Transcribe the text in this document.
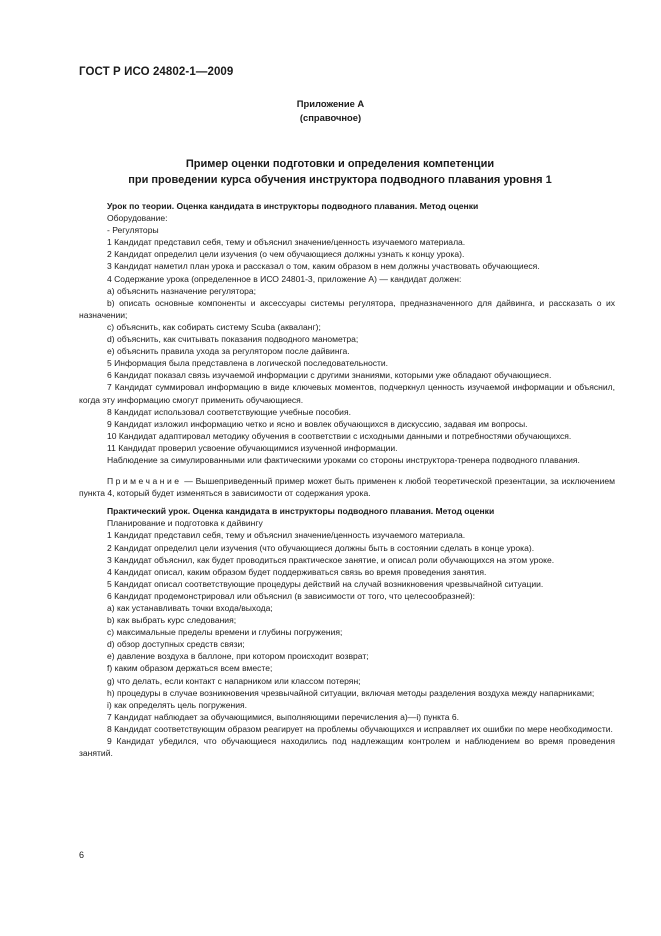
ГОСТ Р ИСО 24802-1—2009
Приложение А
(справочное)
Пример оценки подготовки и определения компетенции
при проведении курса обучения инструктора подводного плавания уровня 1

Урок по теории. Оценка кандидата в инструкторы подводного плавания. Метод оценки

Оборудование:

- Регуляторы

1 Кандидат представил себя, тему и объяснил значение/ценность изучаемого материала.

2 Кандидат определил цели изучения (о чем обучающиеся должны узнать к концу урока).

3 Кандидат наметил план урока и рассказал о том, каким образом в нем должны участвовать обучающиеся.

4 Содержание урока (определенное в ИСО 24801-3, приложение А) — кандидат должен:

а) объяснить назначение регулятора;

b) описать основные компоненты и аксессуары системы регулятора, предназначенного для дайвинга, и рассказать о их назначении;

c) объяснить, как собирать систему Scuba (акваланг);

d) объяснить, как считывать показания подводного манометра;

e) объяснить правила ухода за регулятором после дайвинга.

5 Информация была представлена в логической последовательности.

6 Кандидат показал связь изучаемой информации с другими знаниями, которыми уже обладают обучающиеся.

7 Кандидат суммировал информацию в виде ключевых моментов, подчеркнул ценность изучаемой информации и объяснил, когда эту информацию смогут применить обучающиеся.

8 Кандидат использовал соответствующие учебные пособия.

9 Кандидат изложил информацию четко и ясно и вовлек обучающихся в дискуссию, задавая им вопросы.

10 Кандидат адаптировал методику обучения в соответствии с исходными данными и потребностями обучающихся.

11 Кандидат проверил усвоение обучающимися изученной информации.

Наблюдение за симулированными или фактическими уроками со стороны инструктора-тренера подводного плавания.

Примечание — Вышеприведенный пример может быть применен к любой теоретической презентации, за исключением пункта 4, который будет изменяться в зависимости от содержания урока.

Практический урок. Оценка кандидата в инструкторы подводного плавания. Метод оценки

Планирование и подготовка к дайвингу

1 Кандидат представил себя, тему и объяснил значение/ценность изучаемого материала.

2 Кандидат определил цели изучения (что обучающиеся должны быть в состоянии сделать в конце урока).

3 Кандидат объяснил, как будет проводиться практическое занятие, и описал роли обучающихся на этом уроке.

4 Кандидат описал, каким образом будет поддерживаться связь во время проведения занятия.

5 Кандидат описал соответствующие процедуры действий на случай возникновения чрезвычайной ситуации.

6 Кандидат продемонстрировал или объяснил (в зависимости от того, что целесообразней):

а) как устанавливать точки входа/выхода;

b) как выбрать курс следования;

c) максимальные пределы времени и глубины погружения;

d) обзор доступных средств связи;

e) давление воздуха в баллоне, при котором происходит возврат;

f) каким образом держаться всем вместе;

g) что делать, если контакт с напарником или классом потерян;

h) процедуры в случае возникновения чрезвычайной ситуации, включая методы разделения воздуха между напарниками;

i) как определять цель погружения.

7 Кандидат наблюдает за обучающимися, выполняющими перечисления a)—i) пункта 6.

8 Кандидат соответствующим образом реагирует на проблемы обучающихся и исправляет их ошибки по мере необходимости.

9 Кандидат убедился, что обучающиеся находились под надлежащим контролем и наблюдением во время проведения занятий.

6
